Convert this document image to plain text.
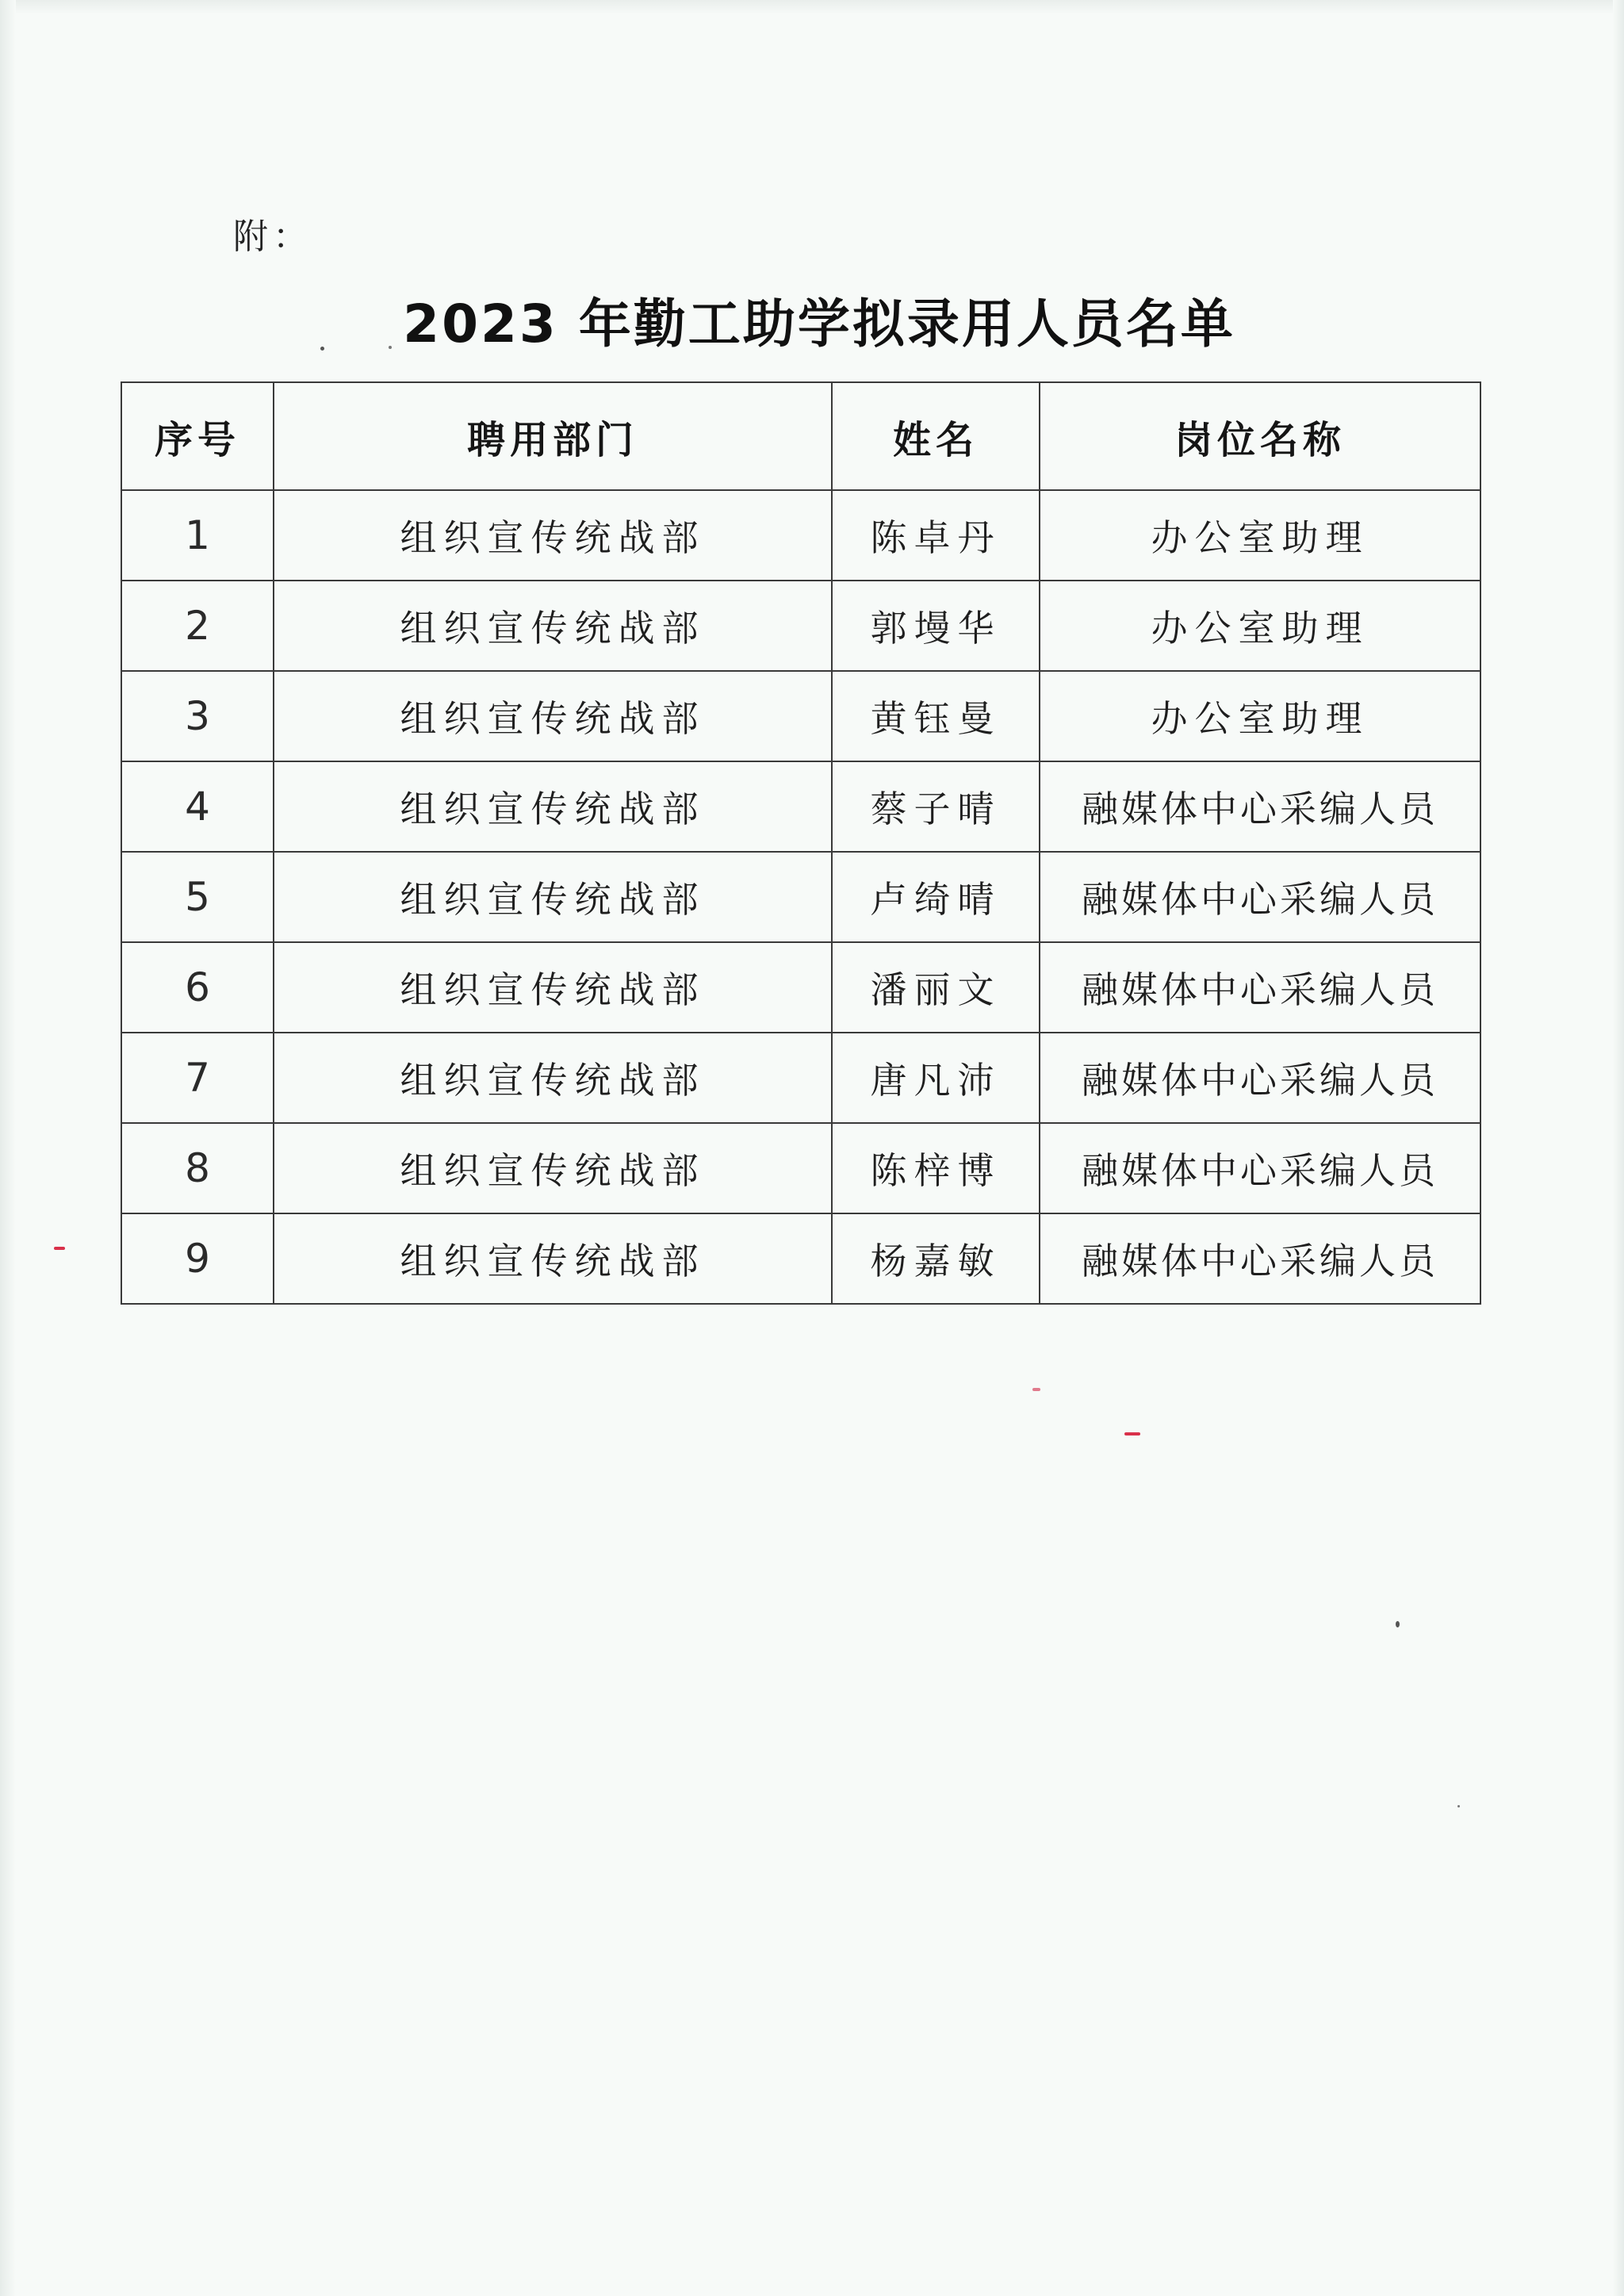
附：
2023 年勤工助学拟录用人员名单
序号	聘用部门	姓名	岗位名称
1	组织宣传统战部	陈卓丹	办公室助理
2	组织宣传统战部	郭墁华	办公室助理
3	组织宣传统战部	黄钰曼	办公室助理
4	组织宣传统战部	蔡子晴	融媒体中心采编人员
5	组织宣传统战部	卢绮晴	融媒体中心采编人员
6	组织宣传统战部	潘丽文	融媒体中心采编人员
7	组织宣传统战部	唐凡沛	融媒体中心采编人员
8	组织宣传统战部	陈梓博	融媒体中心采编人员
9	组织宣传统战部	杨嘉敏	融媒体中心采编人员
